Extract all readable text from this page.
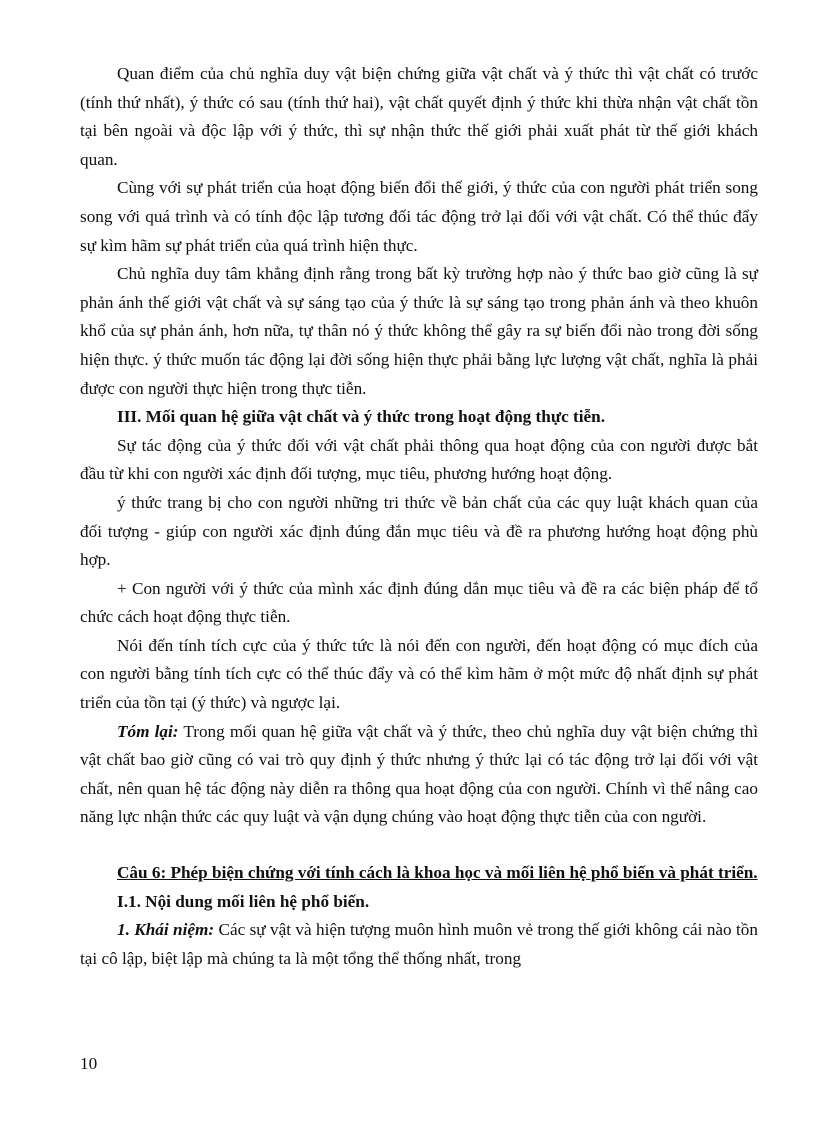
Quan điểm của chủ nghĩa duy vật biện chứng giữa vật chất và ý thức thì vật chất có trước (tính thứ nhất), ý thức có sau (tính thứ hai), vật chất quyết định ý thức khi thừa nhận vật chất tồn tại bên ngoài và độc lập với ý thức, thì sự nhận thức thế giới phải xuất phát từ thế giới khách quan.

Cùng với sự phát triển của hoạt động biến đổi thế giới, ý thức của con người phát triển song song với quá trình và có tính độc lập tương đối tác động trở lại đối với vật chất. Có thể thúc đẩy sự kìm hãm sự phát triển của quá trình hiện thực.

Chủ nghĩa duy tâm khẳng định rằng trong bất kỳ trường hợp nào ý thức bao giờ cũng là sự phản ánh thế giới vật chất và sự sáng tạo của ý thức là sự sáng tạo trong phản ánh và theo khuôn khổ của sự phản ánh, hơn nữa, tự thân nó ý thức không thể gây ra sự biến đổi nào trong đời sống hiện thực. ý thức muốn tác động lại đời sống hiện thực phải bằng lực lượng vật chất, nghĩa là phải được con người thực hiện trong thực tiễn.

III. Mối quan hệ giữa vật chất và ý thức trong hoạt động thực tiễn.

Sự tác động của ý thức đối với vật chất phải thông qua hoạt động của con người được bắt đầu từ khi con người xác định đối tượng, mục tiêu, phương hướng hoạt động.

ý thức trang bị cho con người những tri thức về bản chất của các quy luật khách quan của đối tượng - giúp con người xác định đúng đắn mục tiêu và đề ra phương hướng hoạt động phù hợp.

+ Con người với ý thức của mình xác định đúng dắn mục tiêu và đề ra các biện pháp để tổ chức cách hoạt động thực tiễn.

Nói đến tính tích cực của ý thức tức là nói đến con người, đến hoạt động có mục đích của con người bằng tính tích cực có thể thúc đẩy và có thể kìm hãm ở một mức độ nhất định sự phát triển của tồn tại (ý thức) và ngược lại.

Tóm lại: Trong mối quan hệ giữa vật chất và ý thức, theo chủ nghĩa duy vật biện chứng thì vật chất bao giờ cũng có vai trò quy định ý thức nhưng ý thức lại có tác động trở lại đối với vật chất, nên quan hệ tác động này diễn ra thông qua hoạt động của con người. Chính vì thế nâng cao năng lực nhận thức các quy luật và vận dụng chúng vào hoạt động thực tiễn của con người.

Câu 6: Phép biện chứng với tính cách là khoa học và mối liên hệ phổ biến và phát triển.

I.1. Nội dung mối liên hệ phổ biến.

1. Khái niệm: Các sự vật và hiện tượng muôn hình muôn vẻ trong thế giới không cái nào tồn tại cô lập, biệt lập mà chúng ta là một tổng thể thống nhất, trong

10
